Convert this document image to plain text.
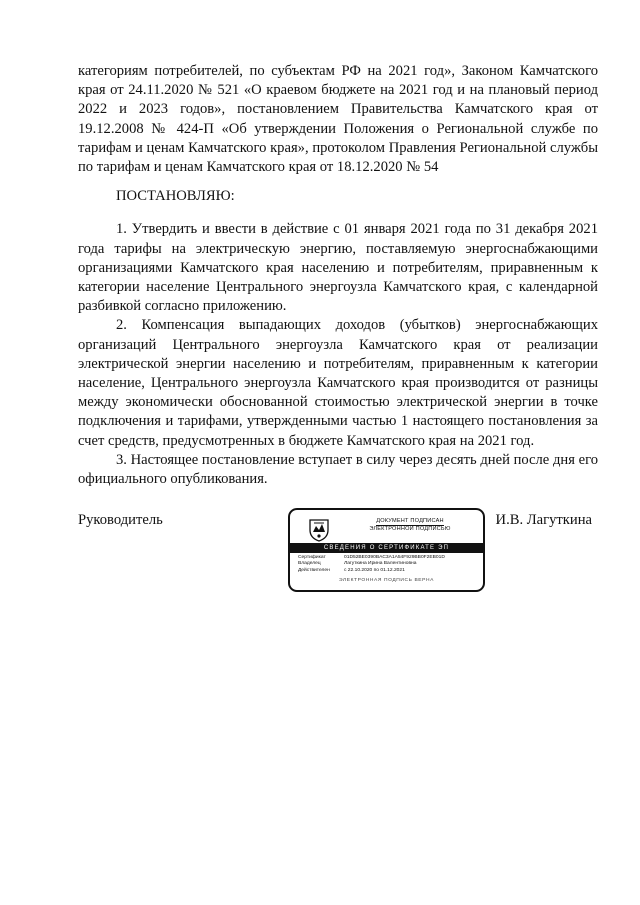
категориям потребителей, по субъектам РФ на 2021 год», Законом Камчатского края от 24.11.2020 № 521 «О краевом бюджете на 2021 год и на плановый период 2022 и 2023 годов», постановлением Правительства Камчатского края от 19.12.2008 № 424-П «Об утверждении Положения о Региональной службе по тарифам и ценам Камчатского края», протоколом Правления Региональной службы по тарифам и ценам Камчатского края от 18.12.2020 № 54

ПОСТАНОВЛЯЮ:

1. Утвердить и ввести в действие с 01 января 2021 года по 31 декабря 2021 года тарифы на электрическую энергию, поставляемую энергоснабжающими организациями Камчатского края населению и потребителям, приравненным к категории население Центрального энергоузла Камчатского края, с календарной разбивкой согласно приложению.

2. Компенсация выпадающих доходов (убытков) энергоснабжающих организаций Центрального энергоузла Камчатского края от реализации электрической энергии населению и потребителям, приравненным к категории население, Центрального энергоузла Камчатского края производится от разницы между экономически обоснованной стоимостью электрической энергии в точке подключения и тарифами, утвержденными частью 1 настоящего постановления за счет средств, предусмотренных в бюджете Камчатского края на 2021 год.

3. Настоящее постановление вступает в силу через десять дней после дня его официального опубликования.

Руководитель	ДОКУМЕНТ ПОДПИСАН
ЭЛЕКТРОННОЙ ПОДПИСЬЮ
СВЕДЕНИЯ О СЕРТИФИКАТЕ ЭП
Сертификат	01D52BE0390BAC3A1A54F929BB0F2EB01D
Владелец	Лагуткина Ирина Валентиновна
Действителен	с 22.10.2020 по 01.12.2021
ЭЛЕКТРОННАЯ ПОДПИСЬ ВЕРНА
И.В. Лагуткина
